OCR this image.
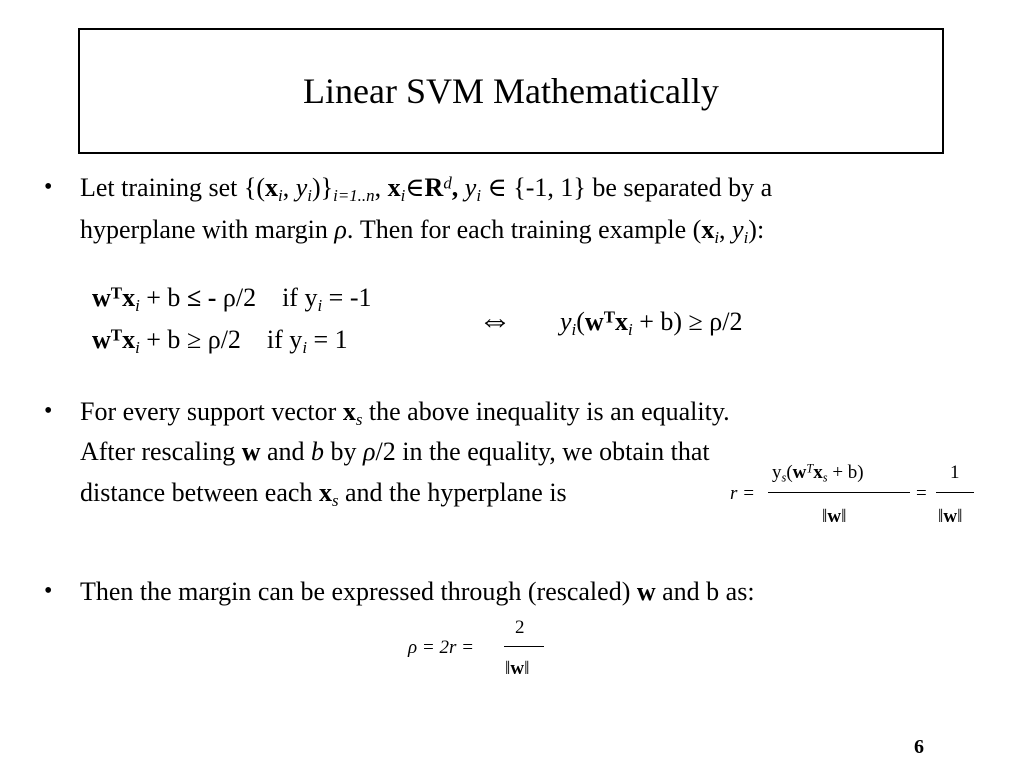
Linear SVM Mathematically
• Let training set {($x_i$, $y_i)\}_{i=1..n}$, $x_i\in R^d$, $y_i$ ∈ {-1, 1} be separated by a
hyperplane with margin ρ. Then for each training example ($x_i$, $y_i$):
$w^Tx_i + b$ ≤ - ρ/2 if $y_i = -1$
$w^Tx_i + b \ge \rho/2$ if $y_i = 1$
⇔ $y_i(w^Tx_i + b) \ge \rho/2$
• For every support vector $x_s$ the above inequality is an equality.
After rescaling w and b by ρ/2 in the equality, we obtain that
distance between each $x_s$ and the hyperplane is	r =
$y_s(w^Tx_s + b)$
‖w‖
=
1
‖w‖
• Then the margin can be expressed through (rescaled) w and b as:
ρ = 2r =
2
‖w‖
6
